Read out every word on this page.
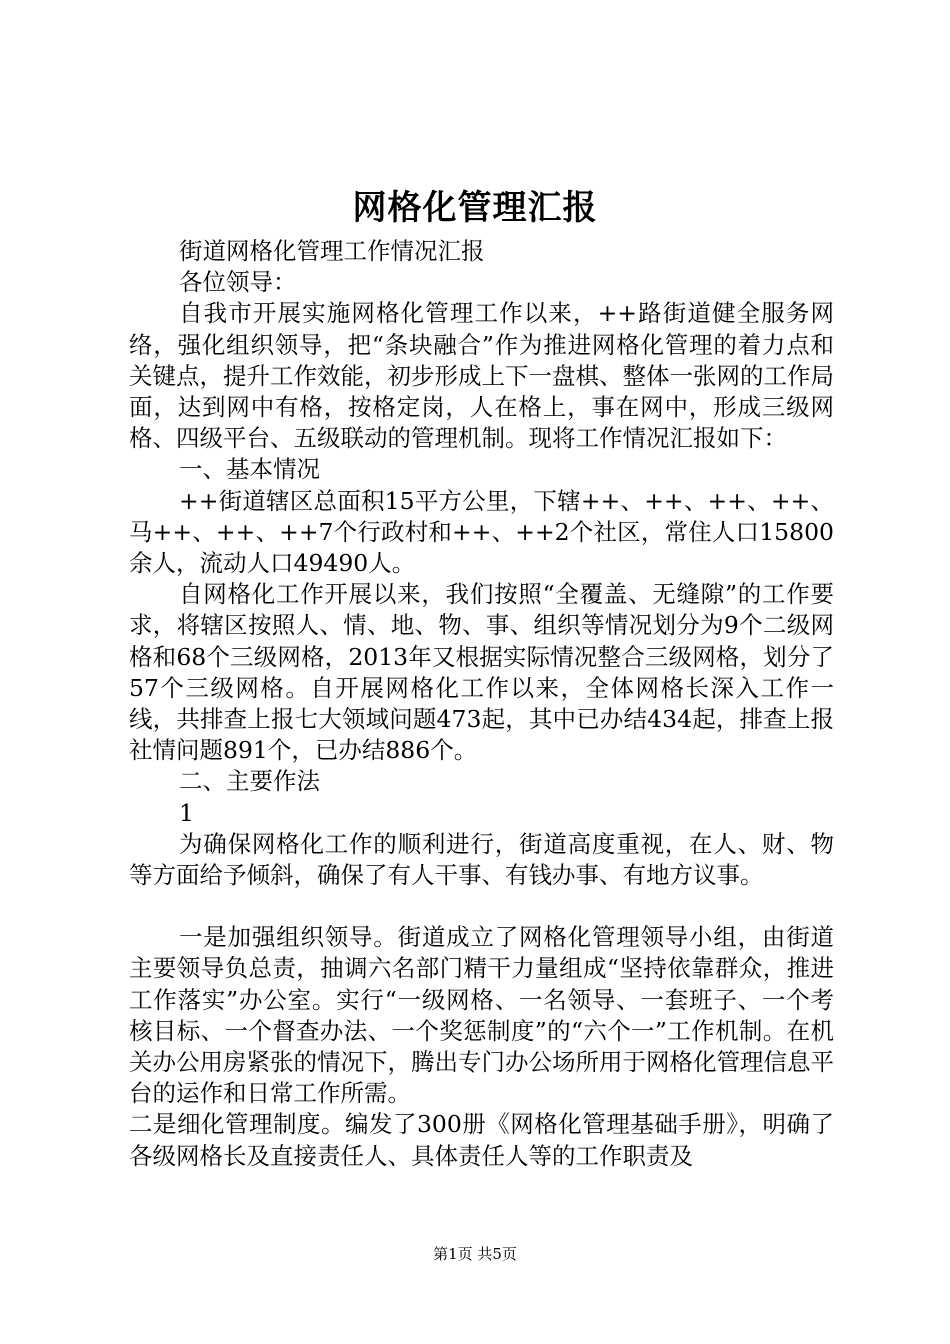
网格化管理汇报

街道网格化管理工作情况汇报

各位领导：

自我市开展实施网格化管理工作以来，++路街道健全服务网络，强化组织领导，把“条块融合”作为推进网格化管理的着力点和关键点，提升工作效能，初步形成上下一盘棋、整体一张网的工作局面，达到网中有格，按格定岗，人在格上，事在网中，形成三级网格、四级平台、五级联动的管理机制。现将工作情况汇报如下：

一、基本情况

++街道辖区总面积15平方公里，下辖++、++、++、++、马++、++、++7个行政村和++、++2个社区，常住人口15800余人，流动人口49490人。

自网格化工作开展以来，我们按照“全覆盖、无缝隙”的工作要求，将辖区按照人、情、地、物、事、组织等情况划分为9个二级网格和68个三级网格，2013年又根据实际情况整合三级网格，划分了57个三级网格。自开展网格化工作以来，全体网格长深入工作一线，共排查上报七大领域问题473起，其中已办结434起，排查上报社情问题891个，已办结886个。

二、主要作法

1

为确保网格化工作的顺利进行，街道高度重视，在人、财、物等方面给予倾斜，确保了有人干事、有钱办事、有地方议事。

一是加强组织领导。街道成立了网格化管理领导小组，由街道主要领导负总责，抽调六名部门精干力量组成“坚持依靠群众，推进工作落实”办公室。实行“一级网格、一名领导、一套班子、一个考核目标、一个督查办法、一个奖惩制度”的“六个一”工作机制。在机关办公用房紧张的情况下，腾出专门办公场所用于网格化管理信息平台的运作和日常工作所需。

二是细化管理制度。编发了300册《网格化管理基础手册》，明确了各级网格长及直接责任人、具体责任人等的工作职责及

第1页 共5页
